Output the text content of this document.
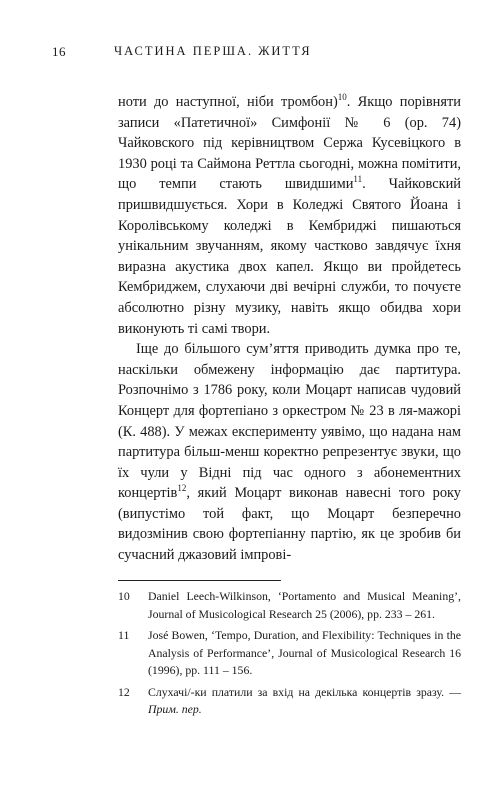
16	ЧАСТИНА ПЕРША. ЖИТТЯ

ноти до наступної, ніби тромбон)$^{10}$. Якщо порівняти записи «Патетичної» Симфонії № 6 (ор. 74) Чайковского під керівництвом Сержа Кусевіцкого в 1930 році та Саймона Реттла сьогодні, можна помітити, що темпи стають швидшими$^{11}$. Чайковский пришвидшується. Хори в Коледжі Святого Йоана і Королівському коледжі в Кембриджі пишаються унікальним звучанням, якому частково завдячує їхня виразна акустика двох капел. Якщо ви пройдетесь Кембриджем, слухаючи дві вечірні служби, то почуєте абсолютно різну музику, навіть якщо обидва хори виконують ті самі твори.

Іще до більшого сум’яття приводить думка про те, наскільки обмежену інформацію дає партитура. Розпочнімо з 1786 року, коли Моцарт написав чудовий Концерт для фортепіано з оркестром № 23 в ля-мажорі (К. 488). У межах експерименту уявімо, що надана нам партитура більш-менш коректно репрезентує звуки, що їх чули у Відні під час одного з абонементних концертів$^{12}$, який Моцарт виконав навесні того року (випустімо той факт, що Моцарт безперечно видозмінив свою фортепіанну партію, як це зробив би сучасний джазовий імпрові-

10 Daniel Leech-Wilkinson, ‘Portamento and Musical Meaning’, Journal of Musicological Research 25 (2006), pp. 233 – 261.
11 José Bowen, ‘Tempo, Duration, and Flexibility: Techniques in the Analysis of Performance’, Journal of Musicological Research 16 (1996), pp. 111 – 156.
12 Слухачі/-ки платили за вхід на декілька концертів зразу. — Прим. пер.
